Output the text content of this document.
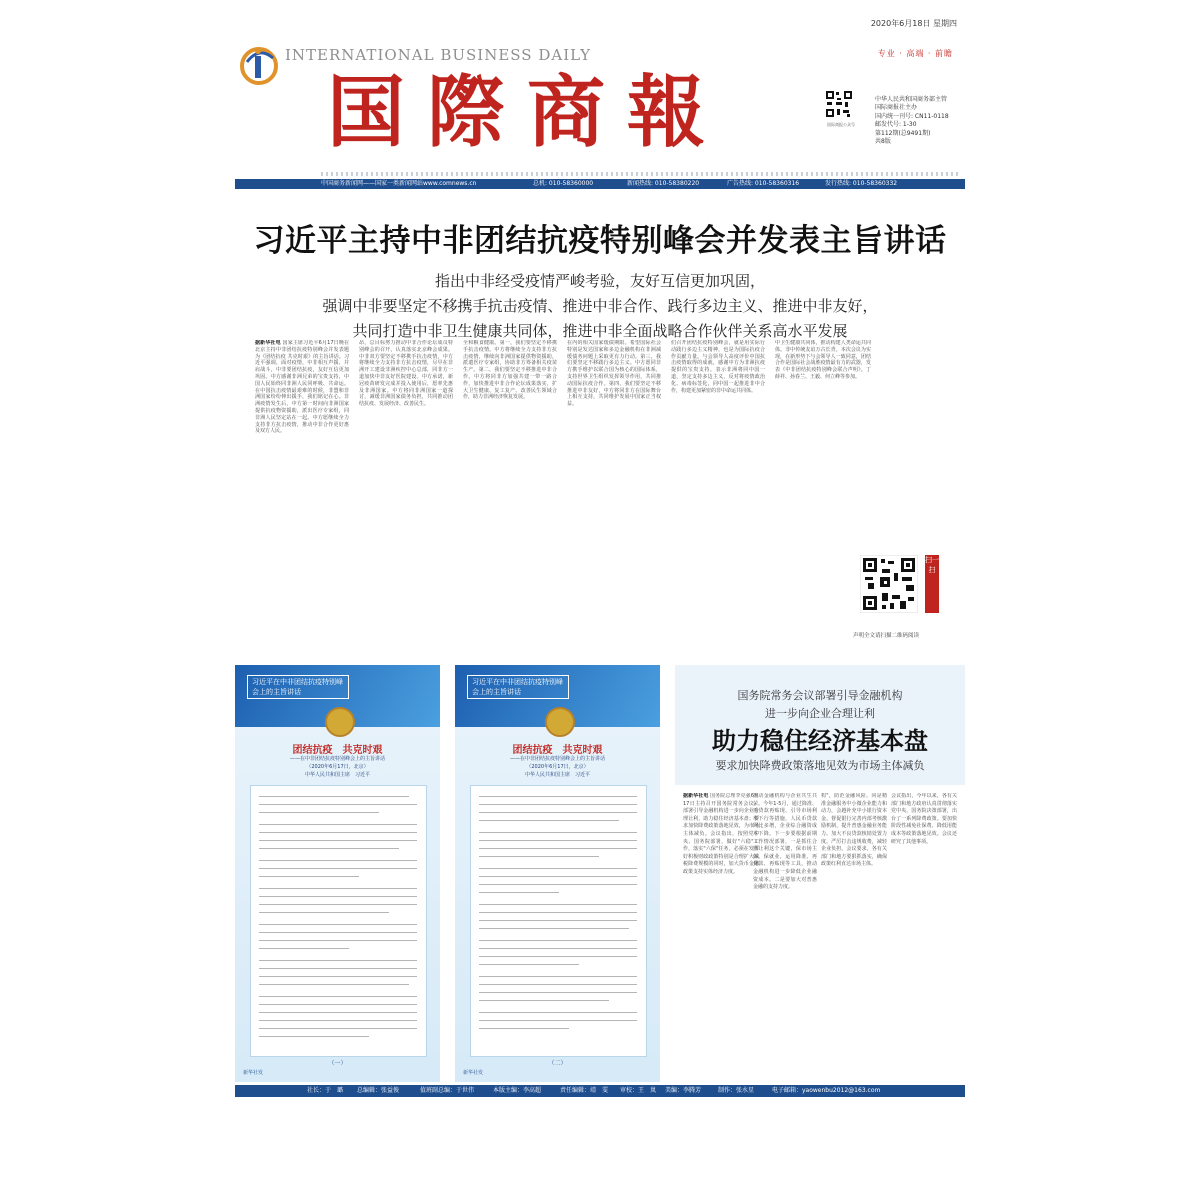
2020年6月18日 星期四
INTERNATIONAL BUSINESS DAILY
国際商報
专业 · 高端 · 前瞻
国际商报公众号
中华人民共和国商务部主管
国际商报社主办
国内统一刊号: CN11-0118
邮发代号: 1-30
第112期(总9491期)
共8版
中国商务新闻网——国家一类新闻网站www.comnews.cn	总机: 010-58360000	新闻热线: 010-58380220	广告热线: 010-58360316	发行热线: 010-58360332
习近平主持中非团结抗疫特别峰会并发表主旨讲话
指出中非经受疫情严峻考验，友好互信更加巩固，
强调中非要坚定不移携手抗击疫情、推进中非合作、践行多边主义、推进中非友好，
共同打造中非卫生健康共同体，推进中非全面战略合作伙伴关系高水平发展
据新华社电 国家主席习近平6月17日晚在北京主持中非团结抗疫特别峰会并发表题为《团结抗疫 共克时艰》的主旨讲话。习近平强调，面对疫情，中非相互声援、并肩战斗，中非要团结抗疫，友好互信更加巩固。中方感谢非洲兄弟的宝贵支持，中国人民始终同非洲人民同呼吸、共命运。在中国抗击疫情最艰难的时候，非盟和非洲国家纷纷伸出援手，我们铭记在心。非洲疫情发生后，中方第一时间向非洲国家提供抗疫物资援助，派出医疗专家组，同非洲人民坚定站在一起。中方愿继续全力支持非方抗击疫情，推动中非合作更好惠及双方人民。
昂，总目标努力推动中非合作论坛成员特别峰会的召开，认真落实北京峰会成果。中非双方要坚定不移携手抗击疫情，中方将继续全力支持非方抗击疫情，尽早在非洲开工建设非洲疾控中心总部，同非方一道加快中非友好医院建设。中方承诺，新冠疫苗研发完成并投入使用后，愿率先惠及非洲国家。中方将同非洲国家一道探讨，减缓非洲国家债务负担，共同推动团结抗疫、发展经济、改善民生。
全和粮食健康。第一，我们要坚定不移携手抗击疫情。中方将继续全力支持非方抗击疫情，继续向非洲国家提供物资援助，派遣医疗专家组，协助非方筹备相关疫苗生产。第二，我们要坚定不移推进中非合作。中方将同非方加强共建一带一路合作，加快推进中非合作论坛成果落实，扩大卫生健康、复工复产、改善民生领域合作，助力非洲经济恢复发展。
在内的相关国家缓债期限。希望国际社会特别是发达国家和多边金融机构在非洲减缓债务问题上采取更有力行动。第三，我们要坚定不移践行多边主义。中方愿同非方携手维护以联合国为核心的国际体系，支持世界卫生组织发挥领导作用，共同推动国际抗疫合作。第四，我们要坚定不移推进中非友好，中方将同非方在国际舞台上相互支持，共同维护发展中国家正当权益。
们召开团结抗疫特别峰会，就是用实际行动践行多边主义精神，也是为国际抗疫合作贡献力量。与会领导人高度评价中国抗击疫情取得的成就，感谢中方为非洲抗疫提供的宝贵支持。表示非洲将同中国一道，坚定支持多边主义，反对将疫情政治化、病毒标签化，同中国一起推进非中合作，构建更加紧密的非中命运共同体。
中卫生健康共同体，推动构建人类命运共同体。非中传统友谊万古长青。本次会议为实现，在新形势下与会领导人一致同意，团结合作是国际社会战胜疫情最有力的武器，发表《中非团结抗疫特别峰会联合声明》。丁薛祥、孙春兰、王毅、何立峰等参加。
扫一扫
声明全文请扫描二维码阅读
习近平在中非团结抗疫特别峰会上的主旨讲话
团结抗疫　共克时艰
——在中非团结抗疫特别峰会上的主旨讲话
（2020年6月17日，北京）
中华人民共和国主席　习近平
（一）
新华社发
习近平在中非团结抗疫特别峰会上的主旨讲话
团结抗疫　共克时艰
——在中非团结抗疫特别峰会上的主旨讲话
（2020年6月17日，北京）
中华人民共和国主席　习近平
（二）
新华社发
国务院常务会议部署引导金融机构
进一步向企业合理让利
助力稳住经济基本盘
要求加快降费政策落地见效为市场主体减负
据新华社电 国务院总理李克强6月17日主持召开国务院常务会议，部署引导金融机构进一步向企业合理让利，助力稳住经济基本盘；要求加快降费政策落地见效，为市场主体减负。会议指出，按照党中央、国务院部署，做好"六稳"工作，落实"六保"任务，必须在发挥好积极财政政策特别是合理扩大减税降费规模的同时，加大货币金融政策支持实体经济力度。
推动金融机构与企业共生共荣。今年1-5月，通过降准、再贷款再贴现、引导市场利率下行等措施，人民币贷款同比多增，企业综合融资成本下降。下一步要根据前期工作情况部署，一是抓住合理让利这个关键，保市场主体、保就业，运用降准、再贷款、再贴现等工具，推动金融机构进一步降低企业融资成本。二是要加大对普惠金融的支持力度。
构"，防范金融风险。同是精准金融服务中小微企业能力和动力，会越补充中小银行资本金。督促银行完善内部考核激励机制，提升普惠金融业务能力。加大不良贷款核销处置力度。严厉打击违规收费，减轻企业负担。会议要求，各有关部门和地方要狠抓落实，确保政策红利直达市场主体。
会议指出，今年以来，各有关部门和地方政府认真贯彻落实党中央、国务院决策部署，出台了一系列降费政策。要加快阶段性减免社保费、降低用能成本等政策落地见效。会议还研究了其他事项。
社长：于　璐 总编辑：张益俊	值班副总编：于世伟	本版主编：李高超	责任编辑：靖　雯 审校：王　岚 美编：李腾芳	制作：张水星	电子邮箱：yaowenbu2012@163.com
